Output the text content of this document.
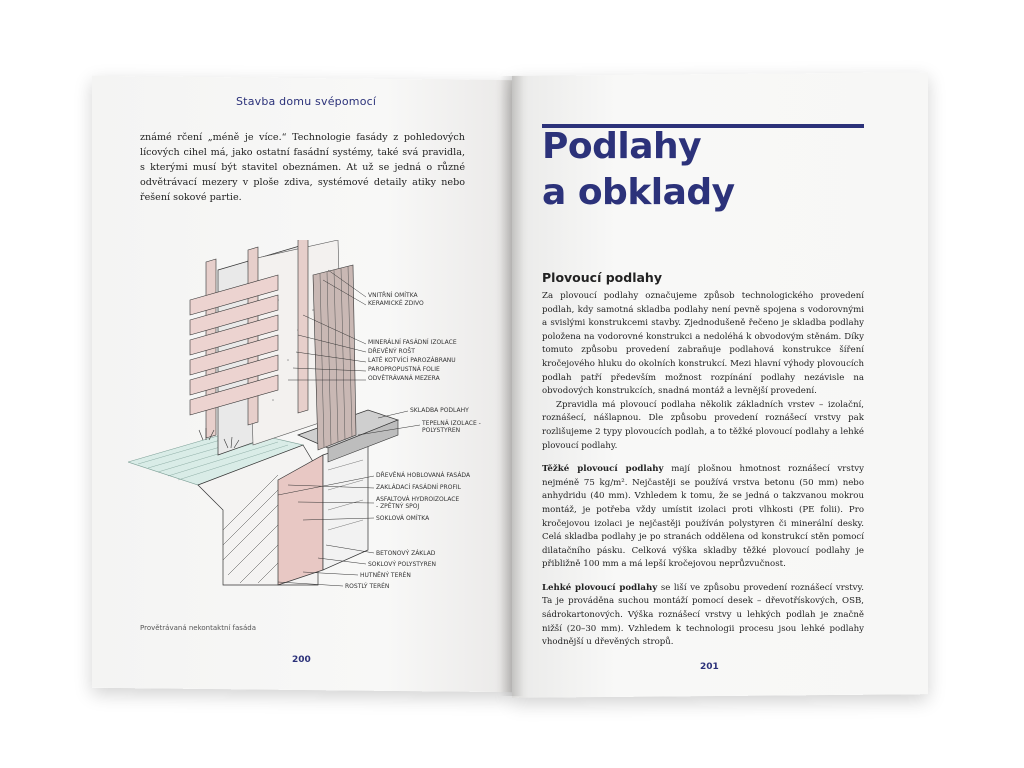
Stavba domu svépomocí
známé rčení „méně je více.“ Technologie fasády z pohledových lícových cihel má, jako ostatní fasádní systémy, také svá pravidla, s kterými musí být stavitel obeznámen. At už se jedná o různé odvětrávací mezery v ploše zdiva, systémové detaily atiky nebo řešení sokové partie.
VNITŘNÍ OMÍTKA
KERAMICKÉ ZDIVO
MINERÁLNÍ FASÁDNÍ IZOLACE
DŘEVĚNÝ ROŠT
LATĚ KOTVÍCÍ PAROZÁBRANU
PAROPROPUSTNÁ FOLIE
ODVĚTRÁVANÁ MEZERA
SKLADBA PODLAHY
TEPELNÁ IZOLACE -
POLYSTYREN
DŘEVĚNÁ HOBLOVANÁ FASÁDA
ZAKLÁDACÍ FASÁDNÍ PROFIL
ASFALTOVÁ HYDROIZOLACE
- ZPĚTNÝ SPOJ
SOKLOVÁ OMÍTKA
BETONOVÝ ZÁKLAD
SOKLOVÝ POLYSTYREN
HUTNĚNÝ TERÉN
ROSTLÝ TERÉN
Provětrávaná nekontaktní fasáda
200
Podlahy
a obklady
Plovoucí podlahy

Za plovoucí podlahy označujeme způsob technologického provedení podlah, kdy samotná skladba podlahy není pevně spojena s vodorovnými a svislými konstrukcemi stavby. Zjednodušeně řečeno je skladba podlahy položena na vodorovné konstrukci a nedoléhá k obvodovým stěnám. Díky tomuto způsobu provedení zabraňuje podlahová konstrukce šíření kročejového hluku do okolních konstrukcí. Mezi hlavní výhody plovoucích podlah patří především možnost rozpínání podlahy nezávisle na obvodových konstrukcích, snadná montáž a levnější provedení.

Zpravidla má plovoucí podlaha několik základních vrstev – izolační, roznášecí, nášlapnou. Dle způsobu provedení roznášecí vrstvy pak rozlišujeme 2 typy plovoucích podlah, a to těžké plovoucí podlahy a lehké plovoucí podlahy.

Těžké plovoucí podlahy mají plošnou hmotnost roznášecí vrstvy nejméně 75 kg/m². Nejčastěji se používá vrstva betonu (50 mm) nebo anhydridu (40 mm). Vzhledem k tomu, že se jedná o takzvanou mokrou montáž, je potřeba vždy umístit izolaci proti vlhkosti (PE folii). Pro kročejovou izolaci je nejčastěji používán polystyren či minerální desky. Celá skladba podlahy je po stranách oddělena od konstrukcí stěn pomocí dilatačního pásku. Celková výška skladby těžké plovoucí podlahy je přibližně 100 mm a má lepší kročejovou neprůzvučnost.

Lehké plovoucí podlahy se liší ve způsobu provedení roznášecí vrstvy. Ta je prováděna suchou montáží pomocí desek – dřevotřískových, OSB, sádrokartonových. Výška roznášecí vrstvy u lehkých podlah je značně nižší (20–30 mm). Vzhledem k technologii procesu jsou lehké podlahy vhodnější u dřevěných stropů.

201
